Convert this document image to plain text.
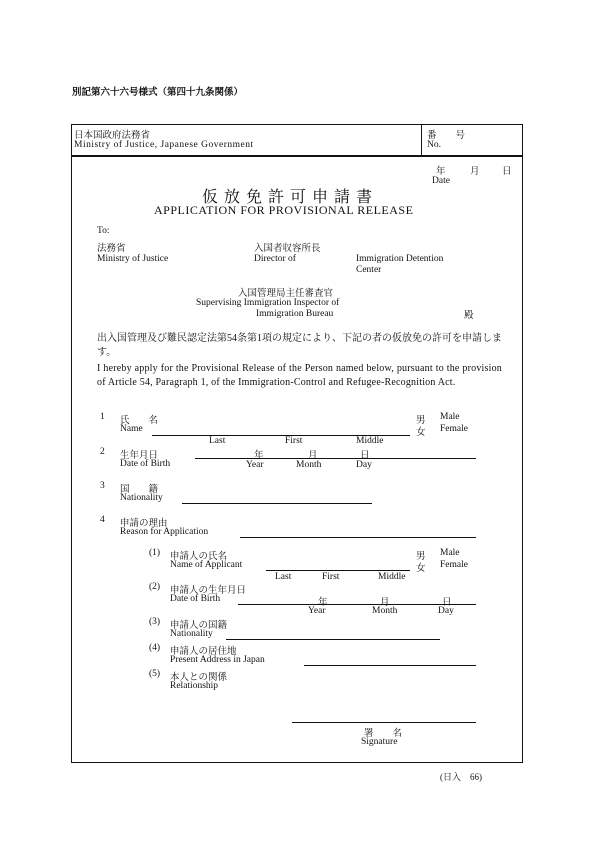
別記第六十六号様式（第四十九条関係）
日本国政府法務省
Ministry of Justice, Japanese Government
番　　号
No.
年	月 日
Date
仮放免許可申請書
APPLICATION FOR PROVISIONAL RELEASE
To:
法務省
Ministry of Justice
入国者収容所長
Director of	Immigration Detention
Center
入国管理局主任審査官
Supervising Immigration Inspector of
Immigration Bureau	殿
出入国管理及び難民認定法第54条第1項の規定により、下記の者の仮放免の許可を申請します。
I hereby apply for the Provisional Release of the Person named below, pursuant to the provision of Article 54, Paragraph 1, of the Immigration-Control and Refugee-Recognition Act.
1 氏　　名
Name
男 Male
女 Female
Last	First	Middle
2 生年月日
Date of Birth
年	月	日
Year	Month	Day
3 国　　籍
Nationality
4 申請の理由
Reason for Application
(1) 申請人の氏名
Name of Applicant
男 Male
女 Female
Last	First	Middle
(2) 申請人の生年月日
Date of Birth	年	月	日
Year	Month	Day
(3) 申請人の国籍
Nationality
(4) 申請人の居住地
Present Address in Japan
(5) 本人との関係
Relationship
署　　名
Signature
(日入　66)
